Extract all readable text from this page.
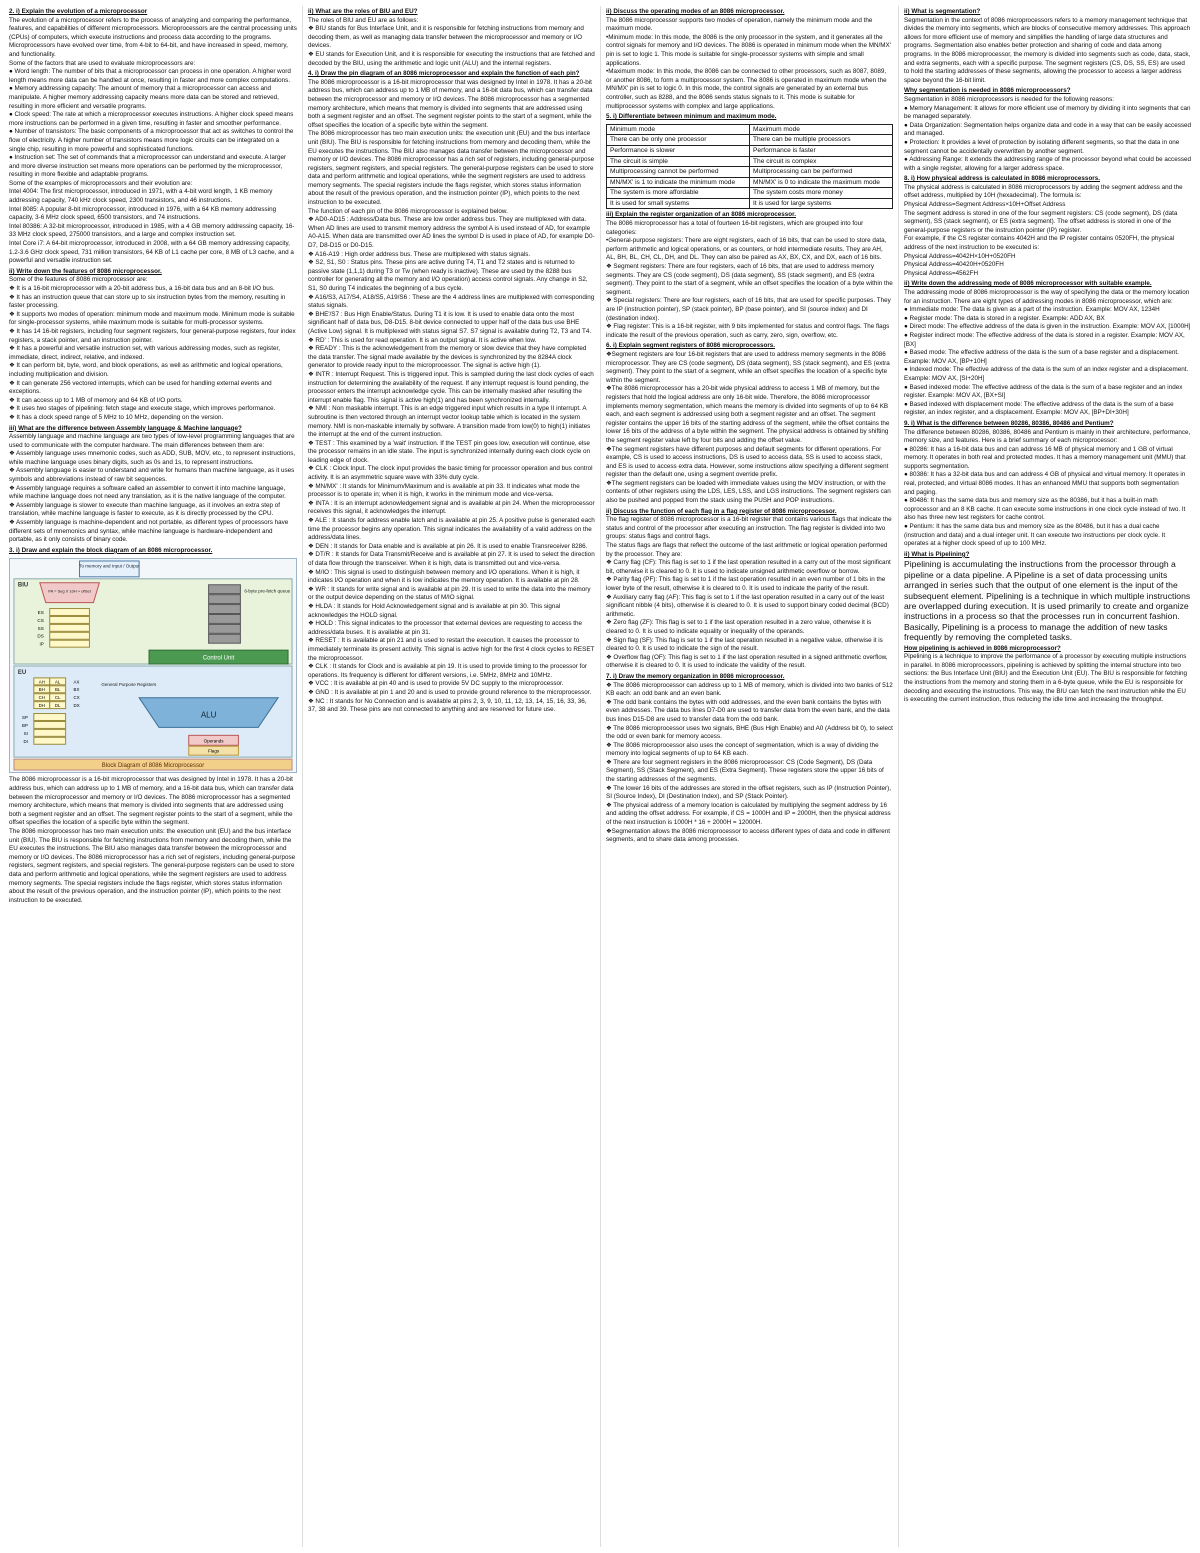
2. i) Explain the evolution of a microprocessor
The evolution of a microprocessor refers to the process of analyzing and comparing the performance, features, and capabilities of different microprocessors. Microprocessors are the central processing units (CPUs) of computers, which execute instructions and process data according to the programs. Microprocessors have evolved over time, from 4-bit to 64-bit, and have increased in speed, memory, and functionality.
Some of the factors that are used to evaluate microprocessors are:
● Word length: The number of bits that a microprocessor can process in one operation. A higher word length means more data can be handled at once, resulting in faster and more complex computations.
● Memory addressing capacity: The amount of memory that a microprocessor can access and manipulate. A higher memory addressing capacity means more data can be stored and retrieved, resulting in more efficient and versatile programs.
● Clock speed: The rate at which a microprocessor executes instructions. A higher clock speed means more instructions can be performed in a given time, resulting in faster and smoother performance.
● Number of transistors: The basic components of a microprocessor that act as switches to control the flow of electricity. A higher number of transistors means more logic circuits can be integrated on a single chip, resulting in more powerful and sophisticated functions.
● Instruction set: The set of commands that a microprocessor can understand and execute. A larger and more diverse instruction set means more operations can be performed by the microprocessor, resulting in more flexible and adaptable programs.
Some of the examples of microprocessors and their evolution are:
Intel 4004: The first microprocessor, introduced in 1971, with a 4-bit word length, 1 KB memory addressing capacity, 740 kHz clock speed, 2300 transistors, and 46 instructions.
Intel 8085: A popular 8-bit microprocessor, introduced in 1976, with a 64 KB memory addressing capacity, 3-6 MHz clock speed, 6500 transistors, and 74 instructions.
Intel 80386: A 32-bit microprocessor, introduced in 1985, with a 4 GB memory addressing capacity, 16-33 MHz clock speed, 275000 transistors, and a large and complex instruction set.
Intel Core i7: A 64-bit microprocessor, introduced in 2008, with a 64 GB memory addressing capacity, 1.2-3.6 GHz clock speed, 731 million transistors, 64 KB of L1 cache per core, 8 MB of L3 cache, and a powerful and versatile instruction set.
ii) Write down the features of 8086 microprocessor.
Some of the features of 8086 microprocessor are:
❖ It is a 16-bit microprocessor with a 20-bit address bus, a 16-bit data bus and an 8-bit I/O bus.
❖ It has an instruction queue that can store up to six instruction bytes from the memory, resulting in faster processing.
❖ It supports two modes of operation: minimum mode and maximum mode. Minimum mode is suitable for single-processor systems, while maximum mode is suitable for multi-processor systems.
❖ It has 14 16-bit registers, including four segment registers, four general-purpose registers, four index registers, a stack pointer, and an instruction pointer.
❖ It has a powerful and versatile instruction set, with various addressing modes, such as register, immediate, direct, indirect, relative, and indexed.
❖ It can perform bit, byte, word, and block operations, as well as arithmetic and logical operations, including multiplication and division.
❖ It can generate 256 vectored interrupts, which can be used for handling external events and exceptions.
❖ It can access up to 1 MB of memory and 64 KB of I/O ports.
❖ It uses two stages of pipelining: fetch stage and execute stage, which improves performance.
❖ It has a clock speed range of 5 MHz to 10 MHz, depending on the version.
iii) What are the difference between Assembly language & Machine language?
Assembly language and machine language are two types of low-level programming languages that are used to communicate with the computer hardware. The main differences between them are:
❖ Assembly language uses mnemonic codes, such as ADD, SUB, MOV, etc., to represent instructions, while machine language uses binary digits, such as 0s and 1s, to represent instructions.
❖ Assembly language is easier to understand and write for humans than machine language, as it uses symbols and abbreviations instead of raw bit sequences.
❖ Assembly language requires a software called an assembler to convert it into machine language, while machine language does not need any translation, as it is the native language of the computer.
❖ Assembly language is slower to execute than machine language, as it involves an extra step of translation, while machine language is faster to execute, as it is directly processed by the CPU.
❖ Assembly language is machine-dependent and not portable, as different types of processors have different sets of mnemonics and syntax, while machine language is hardware-independent and portable, as it only consists of binary code.
3. i) Draw and explain the block diagram of an 8086 microprocessor.
To memory and Input / Output
BIU
PA = Seg X 10H + offset
ES
CS
SS
DS
IP
6-byte pre-fetch queue
Control Unit
EU
AH AL
BH BL
CH CL
DH DL
AX
BX
CX
DX
SP
BP
SI
DI
General Purpose Registers
ALU
Operands
Flags
Block Diagram of 8086 Microprocessor
The 8086 microprocessor is a 16-bit microprocessor that was designed by Intel in 1978. It has a 20-bit address bus, which can address up to 1 MB of memory, and a 16-bit data bus, which can transfer data between the microprocessor and memory or I/O devices. The 8086 microprocessor has a segmented memory architecture, which means that memory is divided into segments that are addressed using both a segment register and an offset. The segment register points to the start of a segment, while the offset specifies the location of a specific byte within the segment.
The 8086 microprocessor has two main execution units: the execution unit (EU) and the bus interface unit (BIU). The BIU is responsible for fetching instructions from memory and decoding them, while the EU executes the instructions. The BIU also manages data transfer between the microprocessor and memory or I/O devices. The 8086 microprocessor has a rich set of registers, including general-purpose registers, segment registers, and special registers. The general-purpose registers can be used to store data and perform arithmetic and logical operations, while the segment registers are used to address memory segments. The special registers include the flags register, which stores status information about the result of the previous operation, and the instruction pointer (IP), which points to the next instruction to be executed.
ii) What are the roles of BIU and EU?
The roles of BIU and EU are as follows:
❖ BIU stands for Bus Interface Unit, and it is responsible for fetching instructions from memory and decoding them, as well as managing data transfer between the microprocessor and memory or I/O devices.
❖ EU stands for Execution Unit, and it is responsible for executing the instructions that are fetched and decoded by the BIU, using the arithmetic and logic unit (ALU) and the internal registers.
4. i) Draw the pin diagram of an 8086 microprocessor and explain the function of each pin?
The 8086 microprocessor is a 16-bit microprocessor that was designed by Intel in 1978. It has a 20-bit address bus, which can address up to 1 MB of memory, and a 16-bit data bus, which can transfer data between the microprocessor and memory or I/O devices. The 8086 microprocessor has a segmented memory architecture, which means that memory is divided into segments that are addressed using both a segment register and an offset. The segment register points to the start of a segment, while the offset specifies the location of a specific byte within the segment.
The 8086 microprocessor has two main execution units: the execution unit (EU) and the bus interface unit (BIU). The BIU is responsible for fetching instructions from memory and decoding them, while the EU executes the instructions. The BIU also manages data transfer between the microprocessor and memory or I/O devices. The 8086 microprocessor has a rich set of registers, including general-purpose registers, segment registers, and special registers. The general-purpose registers can be used to store data and perform arithmetic and logical operations, while the segment registers are used to address memory segments. The special registers include the flags register, which stores status information about the result of the previous operation, and the instruction pointer (IP), which points to the next instruction to be executed.
The function of each pin of the 8086 microprocessor is explained below.
❖ AD0-AD15 : Address/Data bus. These are low order address bus. They are multiplexed with data. When AD lines are used to transmit memory address the symbol A is used instead of AD, for example A0-A15. When data are transmitted over AD lines the symbol D is used in place of AD, for example D0-D7, D8-D15 or D0-D15.
❖ A16-A19 : High order address bus. These are multiplexed with status signals.
❖ S2, S1, S0 : Status pins. These pins are active during T4, T1 and T2 states and is returned to passive state (1,1,1) during T3 or Tw (when ready is inactive). These are used by the 8288 bus controller for generating all the memory and I/O operation) access control signals. Any change in S2, S1, S0 during T4 indicates the beginning of a bus cycle.
❖ A16/S3, A17/S4, A18/S5, A19/S6 : These are the 4 address lines are multiplexed with corresponding status signals.
❖ BHE'/S7 : Bus High Enable/Status. During T1 it is low. It is used to enable data onto the most significant half of data bus, D8-D15. 8-bit device connected to upper half of the data bus use BHE (Active Low) signal. It is multiplexed with status signal S7. S7 signal is available during T2, T3 and T4.
❖ RD' : This is used for read operation. It is an output signal. It is active when low.
❖ READY : This is the acknowledgement from the memory or slow device that they have completed the data transfer. The signal made available by the devices is synchronized by the 8284A clock generator to provide ready input to the microprocessor. The signal is active high (1).
❖ INTR : Interrupt Request. This is triggered input. This is sampled during the last clock cycles of each instruction for determining the availability of the request. If any interrupt request is found pending, the processor enters the interrupt acknowledge cycle. This can be internally masked after resulting the interrupt enable flag. This signal is active high(1) and has been synchronized internally.
❖ NMI : Non maskable interrupt. This is an edge triggered input which results in a type II interrupt. A subroutine is then vectored through an interrupt vector lookup table which is located in the system memory. NMI is non-maskable internally by software. A transition made from low(0) to high(1) initiates the interrupt at the end of the current instruction.
❖ TEST : This examined by a 'wait' instruction. If the TEST pin goes low, execution will continue, else the processor remains in an idle state. The input is synchronized internally during each clock cycle on leading edge of clock.
❖ CLK : Clock Input. The clock input provides the basic timing for processor operation and bus control activity. It is an asymmetric square wave with 33% duty cycle.
❖ MN/MX' : It stands for Minimum/Maximum and is available at pin 33. It indicates what mode the processor is to operate in; when it is high, it works in the minimum mode and vice-versa.
❖ INTA : It is an interrupt acknowledgement signal and is available at pin 24. When the microprocessor receives this signal, it acknowledges the interrupt.
❖ ALE : It stands for address enable latch and is available at pin 25. A positive pulse is generated each time the processor begins any operation. This signal indicates the availability of a valid address on the address/data lines.
❖ DEN : It stands for Data enable and is available at pin 26. It is used to enable Transreceiver 8286.
❖ DT/R : It stands for Data Transmit/Receive and is available at pin 27. It is used to select the direction of data flow through the transceiver. When it is high, data is transmitted out and vice-versa.
❖ M/IO : This signal is used to distinguish between memory and I/O operations. When it is high, it indicates I/O operation and when it is low indicates the memory operation. It is available at pin 28.
❖ WR : It stands for write signal and is available at pin 29. It is used to write the data into the memory or the output device depending on the status of M/IO signal.
❖ HLDA : It stands for Hold Acknowledgement signal and is available at pin 30. This signal acknowledges the HOLD signal.
❖ HOLD : This signal indicates to the processor that external devices are requesting to access the address/data buses. It is available at pin 31.
❖ RESET : It is available at pin 21 and is used to restart the execution. It causes the processor to immediately terminate its present activity. This signal is active high for the first 4 clock cycles to RESET the microprocessor.
❖ CLK : It stands for Clock and is available at pin 19. It is used to provide timing to the processor for operations. Its frequency is different for different versions, i.e. 5MHz, 8MHz and 10MHz.
❖ VCC : It is available at pin 40 and is used to provide 5V DC supply to the microprocessor.
❖ GND : It is available at pin 1 and 20 and is used to provide ground reference to the microprocessor.
❖ NC : It stands for No Connection and is available at pins 2, 3, 9, 10, 11, 12, 13, 14, 15, 16, 33, 36, 37, 38 and 39. These pins are not connected to anything and are reserved for future use.
ii) Discuss the operating modes of an 8086 microprocessor.
The 8086 microprocessor supports two modes of operation, namely the minimum mode and the maximum mode.
•Minimum mode: In this mode, the 8086 is the only processor in the system, and it generates all the control signals for memory and I/O devices. The 8086 is operated in minimum mode when the MN/MX' pin is set to logic 1. This mode is suitable for single-processor systems with simple and small applications.
•Maximum mode: In this mode, the 8086 can be connected to other processors, such as 8087, 8089, or another 8086, to form a multiprocessor system. The 8086 is operated in maximum mode when the MN/MX' pin is set to logic 0. In this mode, the control signals are generated by an external bus controller, such as 8288, and the 8086 sends status signals to it. This mode is suitable for multiprocessor systems with complex and large applications.
5. i) Differentiate between minimum and maximum mode.
Minimum mode	Maximum mode
There can be only one processor	There can be multiple processors
Performance is slower	Performance is faster
The circuit is simple	The circuit is complex
Multiprocessing cannot be performed	Multiprocessing can be performed
MN/MX' is 1 to indicate the minimum mode	MN/MX' is 0 to indicate the maximum mode
The system is more affordable	The system costs more money
It is used for small systems	It is used for large systems
iii) Explain the register organization of an 8086 microprocessor.
The 8086 microprocessor has a total of fourteen 16-bit registers, which are grouped into four categories:
•General-purpose registers: There are eight registers, each of 16 bits, that can be used to store data, perform arithmetic and logical operations, or as counters, or hold intermediate results. They are AH, AL, BH, BL, CH, CL, DH, and DL. They can also be paired as AX, BX, CX, and DX, each of 16 bits.
❖ Segment registers: There are four registers, each of 16 bits, that are used to address memory segments. They are CS (code segment), DS (data segment), SS (stack segment), and ES (extra segment). They point to the start of a segment, while an offset specifies the location of a byte within the segment.
❖ Special registers: There are four registers, each of 16 bits, that are used for specific purposes. They are IP (instruction pointer), SP (stack pointer), BP (base pointer), and SI (source index) and DI (destination index).
❖ Flag register: This is a 16-bit register, with 9 bits implemented for status and control flags. The flags indicate the result of the previous operation, such as carry, zero, sign, overflow, etc.
6. i) Explain segment registers of 8086 microprocessors.
❖Segment registers are four 16-bit registers that are used to address memory segments in the 8086 microprocessor. They are CS (code segment), DS (data segment), SS (stack segment), and ES (extra segment). They point to the start of a segment, while an offset specifies the location of a specific byte within the segment.
❖The 8086 microprocessor has a 20-bit wide physical address to access 1 MB of memory, but the registers that hold the logical address are only 16-bit wide. Therefore, the 8086 microprocessor implements memory segmentation, which means the memory is divided into segments of up to 64 KB each, and each segment is addressed using both a segment register and an offset. The segment register contains the upper 16 bits of the starting address of the segment, while the offset contains the lower 16 bits of the address of a byte within the segment. The physical address is obtained by shifting the segment register value left by four bits and adding the offset value.
❖The segment registers have different purposes and default segments for different operations. For example, CS is used to access instructions, DS is used to access data, SS is used to access stack, and ES is used to access extra data. However, some instructions allow specifying a different segment register than the default one, using a segment override prefix.
❖The segment registers can be loaded with immediate values using the MOV instruction, or with the contents of other registers using the LDS, LES, LSS, and LGS instructions. The segment registers can also be pushed and popped from the stack using the PUSH and POP instructions.
ii) Discuss the function of each flag in a flag register of 8086 microprocessor.
The flag register of 8086 microprocessor is a 16-bit register that contains various flags that indicate the status and control of the processor after executing an instruction. The flag register is divided into two groups: status flags and control flags.
The status flags are flags that reflect the outcome of the last arithmetic or logical operation performed by the processor. They are:
❖ Carry flag (CF): This flag is set to 1 if the last operation resulted in a carry out of the most significant bit, otherwise it is cleared to 0. It is used to indicate unsigned arithmetic overflow or borrow.
❖ Parity flag (PF): This flag is set to 1 if the last operation resulted in an even number of 1 bits in the lower byte of the result, otherwise it is cleared to 0. It is used to indicate the parity of the result.
❖ Auxiliary carry flag (AF): This flag is set to 1 if the last operation resulted in a carry out of the least significant nibble (4 bits), otherwise it is cleared to 0. It is used to support binary coded decimal (BCD) arithmetic.
❖ Zero flag (ZF): This flag is set to 1 if the last operation resulted in a zero value, otherwise it is cleared to 0. It is used to indicate equality or inequality of the operands.
❖ Sign flag (SF): This flag is set to 1 if the last operation resulted in a negative value, otherwise it is cleared to 0. It is used to indicate the sign of the result.
❖ Overflow flag (OF): This flag is set to 1 if the last operation resulted in a signed arithmetic overflow, otherwise it is cleared to 0. It is used to indicate the validity of the result.
7. i) Draw the memory organization in 8086 microprocessor.
❖ The 8086 microprocessor can address up to 1 MB of memory, which is divided into two banks of 512 KB each: an odd bank and an even bank.
❖ The odd bank contains the bytes with odd addresses, and the even bank contains the bytes with even addresses. The data bus lines D7-D0 are used to transfer data from the even bank, and the data bus lines D15-D8 are used to transfer data from the odd bank.
❖ The 8086 microprocessor uses two signals, BHE (Bus High Enable) and A0 (Address bit 0), to select the odd or even bank for memory access.
❖ The 8086 microprocessor also uses the concept of segmentation, which is a way of dividing the memory into logical segments of up to 64 KB each.
❖ There are four segment registers in the 8086 microprocessor: CS (Code Segment), DS (Data Segment), SS (Stack Segment), and ES (Extra Segment). These registers store the upper 16 bits of the starting addresses of the segments.
❖ The lower 16 bits of the addresses are stored in the offset registers, such as IP (Instruction Pointer), SI (Source Index), DI (Destination Index), and SP (Stack Pointer).
❖ The physical address of a memory location is calculated by multiplying the segment address by 16 and adding the offset address. For example, if CS = 1000H and IP = 2000H, then the physical address of the next instruction is 1000H * 16 + 2000H = 12000H.
❖Segmentation allows the 8086 microprocessor to access different types of data and code in different segments, and to share data among processes.
ii) What is segmentation?
Segmentation in the context of 8086 microprocessors refers to a memory management technique that divides the memory into segments, which are blocks of consecutive memory addresses. This approach allows for more efficient use of memory and simplifies the handling of large data structures and programs. Segmentation also enables better protection and sharing of code and data among programs. In the 8086 microprocessor, the memory is divided into segments such as code, data, stack, and extra segments, each with a specific purpose. The segment registers (CS, DS, SS, ES) are used to hold the starting addresses of these segments, allowing the processor to access a larger address space beyond the 16-bit limit.
Why segmentation is needed in 8086 microprocessors?
Segmentation in 8086 microprocessors is needed for the following reasons:
● Memory Management: It allows for more efficient use of memory by dividing it into segments that can be managed separately.
● Data Organization: Segmentation helps organize data and code in a way that can be easily accessed and managed.
● Protection: It provides a level of protection by isolating different segments, so that the data in one segment cannot be accidentally overwritten by another segment.
● Addressing Range: It extends the addressing range of the processor beyond what could be accessed with a single register, allowing for a larger address space.
8. i) How physical address is calculated in 8086 microprocessors.
The physical address is calculated in 8086 microprocessors by adding the segment address and the offset address, multiplied by 10H (hexadecimal). The formula is:
Physical Address=Segment Address×10H+Offset Address
The segment address is stored in one of the four segment registers: CS (code segment), DS (data segment), SS (stack segment), or ES (extra segment). The offset address is stored in one of the general-purpose registers or the instruction pointer (IP) register.
For example, if the CS register contains 4042H and the IP register contains 0520FH, the physical address of the next instruction to be executed is:
Physical Address=4042H×10H+0520FH
Physical Address=40420H+0520FH
Physical Address=4562FH
ii) Write down the addressing mode of 8086 microprocessor with suitable example.
The addressing mode of 8086 microprocessor is the way of specifying the data or the memory location for an instruction. There are eight types of addressing modes in 8086 microprocessor, which are:
● Immediate mode: The data is given as a part of the instruction. Example: MOV AX, 1234H
● Register mode: The data is stored in a register. Example: ADD AX, BX
● Direct mode: The effective address of the data is given in the instruction. Example: MOV AX, [1000H]
● Register indirect mode: The effective address of the data is stored in a register. Example: MOV AX, [BX]
● Based mode: The effective address of the data is the sum of a base register and a displacement. Example: MOV AX, [BP+10H]
● Indexed mode: The effective address of the data is the sum of an index register and a displacement. Example: MOV AX, [SI+20H]
● Based indexed mode: The effective address of the data is the sum of a base register and an index register. Example: MOV AX, [BX+SI]
● Based indexed with displacement mode: The effective address of the data is the sum of a base register, an index register, and a displacement. Example: MOV AX, [BP+DI+30H]
9. i) What is the difference between 80286, 80386, 80486 and Pentium?
The difference between 80286, 80386, 80486 and Pentium is mainly in their architecture, performance, memory size, and features. Here is a brief summary of each microprocessor:
● 80286: It has a 16-bit data bus and can address 16 MB of physical memory and 1 GB of virtual memory. It operates in both real and protected modes. It has a memory management unit (MMU) that supports segmentation.
● 80386: It has a 32-bit data bus and can address 4 GB of physical and virtual memory. It operates in real, protected, and virtual 8086 modes. It has an enhanced MMU that supports both segmentation and paging.
● 80486: It has the same data bus and memory size as the 80386, but it has a built-in math coprocessor and an 8 KB cache. It can execute some instructions in one clock cycle instead of two. It also has three new test registers for cache control.
● Pentium: It has the same data bus and memory size as the 80486, but it has a dual cache (instruction and data) and a dual integer unit. It can execute two instructions per clock cycle. It operates at a higher clock speed of up to 100 MHz.
ii) What is Pipelining?
Pipelining is accumulating the instructions from the processor through a pipeline or a data pipeline. A Pipeline is a set of data processing units arranged in series such that the output of one element is the input of the subsequent element. Pipelining is a technique in which multiple instructions are overlapped during execution. It is used primarily to create and organize instructions in a process so that the processes run in concurrent fashion. Basically, Pipelining is a process to manage the addition of new tasks frequently by removing the completed tasks.
How pipelining is achieved in 8086 microprocessor?
Pipelining is a technique to improve the performance of a processor by executing multiple instructions in parallel. In 8086 microprocessors, pipelining is achieved by splitting the internal structure into two sections: the Bus Interface Unit (BIU) and the Execution Unit (EU). The BIU is responsible for fetching the instructions from the memory and storing them in a 6-byte queue, while the EU is responsible for decoding and executing the instructions. This way, the BIU can fetch the next instruction while the EU is executing the current instruction, thus reducing the idle time and increasing the throughput.
